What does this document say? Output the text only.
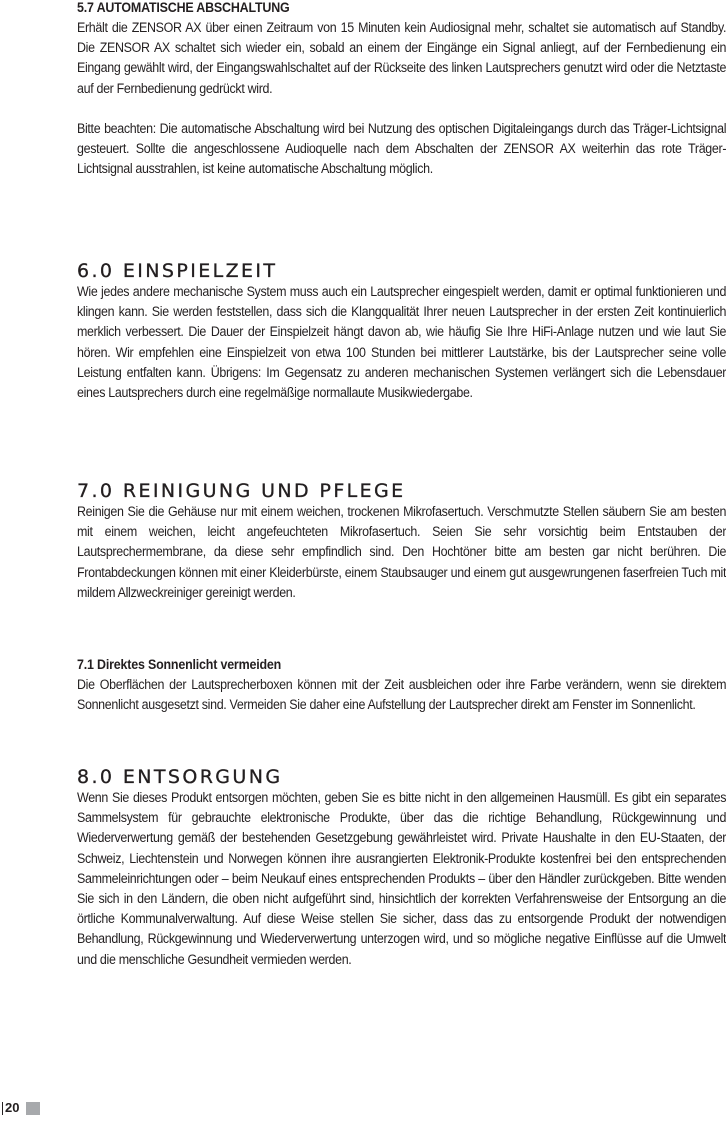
5.7 AUTOMATISCHE ABSCHALTUNG

Erhält die ZENSOR AX über einen Zeitraum von 15 Minuten kein Audiosignal mehr, schaltet sie automatisch auf Standby. Die ZENSOR AX schaltet sich wieder ein, sobald an einem der Eingänge ein Signal anliegt, auf der Fernbedienung ein Eingang gewählt wird, der Eingangswahlschaltet auf der Rückseite des linken Lautsprechers genutzt wird oder die Netztaste auf der Fernbedienung gedrückt wird.

Bitte beachten: Die automatische Abschaltung wird bei Nutzung des optischen Digitaleingangs durch das Träger-Lichtsignal gesteuert. Sollte die angeschlossene Audioquelle nach dem Abschalten der ZENSOR AX weiterhin das rote Träger-Lichtsignal ausstrahlen, ist keine automatische Abschaltung möglich.

6.0 EINSPIELZEIT

Wie jedes andere mechanische System muss auch ein Lautsprecher eingespielt werden, damit er optimal funktionieren und klingen kann. Sie werden feststellen, dass sich die Klangqualität Ihrer neuen Lautsprecher in der ersten Zeit kontinuierlich merklich verbessert. Die Dauer der Einspielzeit hängt davon ab, wie häufig Sie Ihre HiFi-Anlage nutzen und wie laut Sie hören. Wir empfehlen eine Einspielzeit von etwa 100 Stunden bei mittlerer Lautstärke, bis der Lautsprecher seine volle Leistung entfalten kann. Übrigens: Im Gegensatz zu anderen mechanischen Systemen verlängert sich die Lebensdauer eines Lautsprechers durch eine regelmäßige normallaute Musikwiedergabe.

7.0 REINIGUNG UND PFLEGE

Reinigen Sie die Gehäuse nur mit einem weichen, trockenen Mikrofasertuch. Verschmutzte Stellen säubern Sie am besten mit einem weichen, leicht angefeuchteten Mikrofasertuch. Seien Sie sehr vorsichtig beim Entstauben der Lautsprechermembrane, da diese sehr empfindlich sind. Den Hochtöner bitte am besten gar nicht berühren. Die Frontabdeckungen können mit einer Kleiderbürste, einem Staubsauger und einem gut ausgewrungenen faserfreien Tuch mit mildem Allzweckreiniger gereinigt werden.

7.1 Direktes Sonnenlicht vermeiden

Die Oberflächen der Lautsprecherboxen können mit der Zeit ausbleichen oder ihre Farbe verändern, wenn sie direktem Sonnenlicht ausgesetzt sind. Vermeiden Sie daher eine Aufstellung der Lautsprecher direkt am Fenster im Sonnenlicht.

8.0 ENTSORGUNG

Wenn Sie dieses Produkt entsorgen möchten, geben Sie es bitte nicht in den allgemeinen Hausmüll. Es gibt ein separates Sammelsystem für gebrauchte elektronische Produkte, über das die richtige Behandlung, Rückgewinnung und Wiederverwertung gemäß der bestehenden Gesetzgebung gewährleistet wird. Private Haushalte in den EU-Staaten, der Schweiz, Liechtenstein und Norwegen können ihre ausrangierten Elektronik-Produkte kostenfrei bei den entsprechenden Sammeleinrichtungen oder – beim Neukauf eines entsprechenden Produkts – über den Händler zurückgeben. Bitte wenden Sie sich in den Ländern, die oben nicht aufgeführt sind, hinsichtlich der korrekten Verfahrensweise der Entsorgung an die örtliche Kommunalverwaltung. Auf diese Weise stellen Sie sicher, dass das zu entsorgende Produkt der notwendigen Behandlung, Rückgewinnung und Wiederverwertung unterzogen wird, und so mögliche negative Einflüsse auf die Umwelt und die menschliche Gesundheit vermieden werden.

20
